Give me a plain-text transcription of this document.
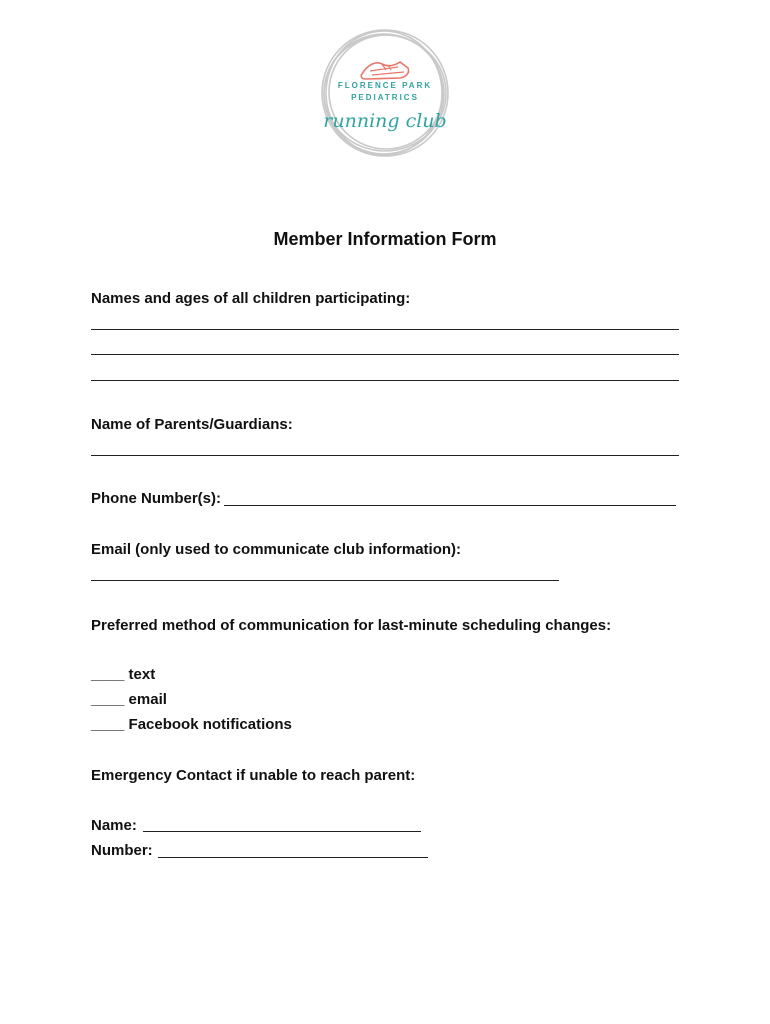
FLORENCE PARK
PEDIATRICS
running club
Member Information Form
Names and ages of all children participating:
Name of Parents/Guardians:
Phone Number(s):
Email (only used to communicate club information):
Preferred method of communication for last-minute scheduling changes:
____ text
____ email
____ Facebook notifications
Emergency Contact if unable to reach parent:
Name:
Number:
